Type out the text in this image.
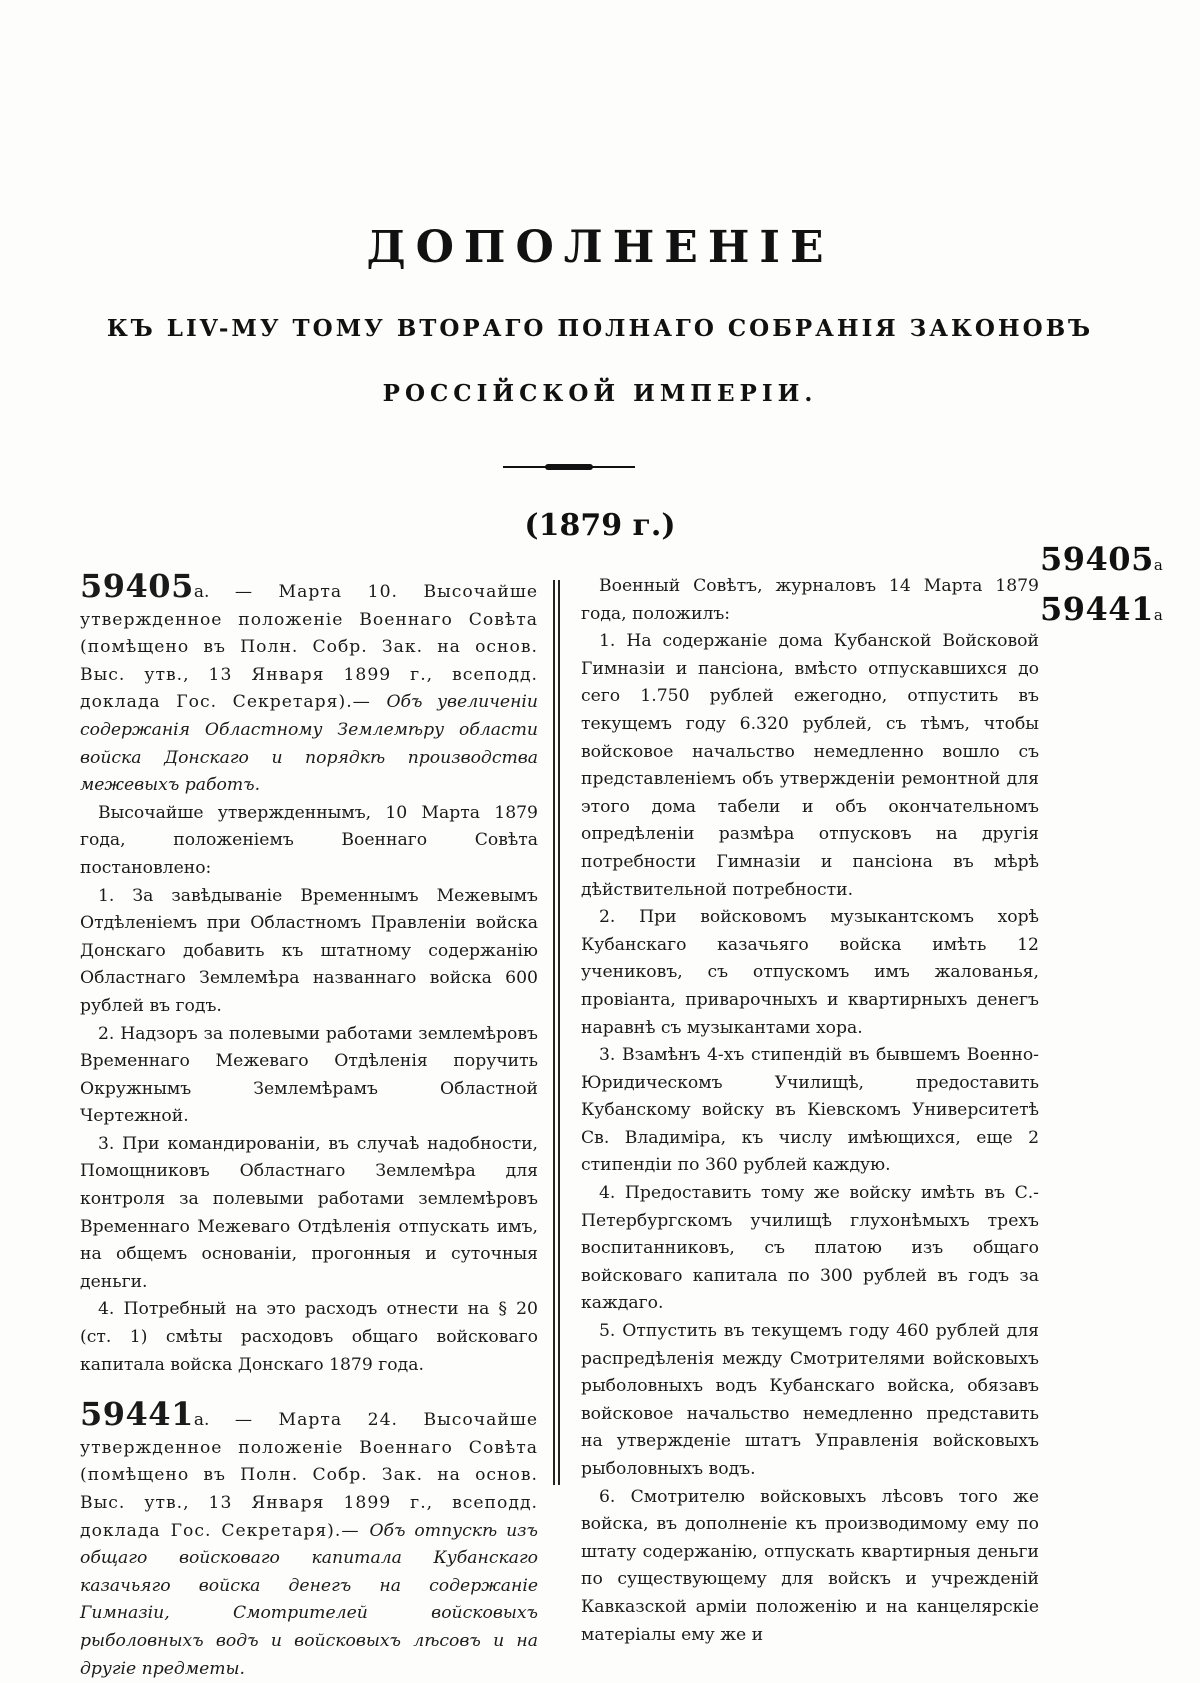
ДОПОЛНЕНІЕ
КЪ LIV-МУ ТОМУ ВТОРАГО ПОЛНАГО СОБРАНІЯ ЗАКОНОВЪ
РОССІЙСКОЙ ИМПЕРІИ.
(1879 г.)
59405а
59441а

59405а. — Марта 10. Высочайше утвержденное положеніе Военнаго Совѣта (помѣщено въ Полн. Собр. Зак. на основ. Выс. утв., 13 Января 1899 г., всеподд. доклада Гос. Секретаря).— Объ увеличеніи содержанія Областному Землемѣру области войска Донскаго и порядкѣ производства межевыхъ работъ.

Высочайше утвержденнымъ, 10 Марта 1879 года, положеніемъ Военнаго Совѣта постановлено:

1. За завѣдываніе Временнымъ Межевымъ Отдѣленіемъ при Областномъ Правленіи войска Донскаго добавить къ штатному содержанію Областнаго Землемѣра названнаго войска 600 рублей въ годъ.

2. Надзоръ за полевыми работами землемѣровъ Временнаго Межеваго Отдѣленія поручить Окружнымъ Землемѣрамъ Областной Чертежной.

3. При командированіи, въ случаѣ надобности, Помощниковъ Областнаго Землемѣра для контроля за полевыми работами землемѣровъ Временнаго Межеваго Отдѣленія отпускать имъ, на общемъ основаніи, прогонныя и суточныя деньги.

4. Потребный на это расходъ отнести на § 20 (ст. 1) смѣты расходовъ общаго войсковаго капитала войска Донскаго 1879 года.

59441а. — Марта 24. Высочайше утвержденное положеніе Военнаго Совѣта (помѣщено въ Полн. Собр. Зак. на основ. Выс. утв., 13 Января 1899 г., всеподд. доклада Гос. Секретаря).— Объ отпускѣ изъ общаго войсковаго капитала Кубанскаго казачьяго войска денегъ на содержаніе Гимназіи, Смотрителей войсковыхъ рыболовныхъ водъ и войсковыхъ лѣсовъ и на другіе предметы.

Военный Совѣтъ, журналовъ 14 Марта 1879 года, положилъ:

1. На содержаніе дома Кубанской Войсковой Гимназіи и пансіона, вмѣсто отпускавшихся до сего 1.750 рублей ежегодно, отпустить въ текущемъ году 6.320 рублей, съ тѣмъ, чтобы войсковое начальство немедленно вошло съ представленіемъ объ утвержденіи ремонтной для этого дома табели и объ окончательномъ опредѣленіи размѣра отпусковъ на другія потребности Гимназіи и пансіона въ мѣрѣ дѣйствительной потребности.

2. При войсковомъ музыкантскомъ хорѣ Кубанскаго казачьяго войска имѣть 12 учениковъ, съ отпускомъ имъ жалованья, провіанта, приварочныхъ и квартирныхъ денегъ наравнѣ съ музыкантами хора.

3. Взамѣнъ 4-хъ стипендій въ бывшемъ Военно-Юридическомъ Училищѣ, предоставить Кубанскому войску въ Кіевскомъ Университетѣ Св. Владиміра, къ числу имѣющихся, еще 2 стипендіи по 360 рублей каждую.

4. Предоставить тому же войску имѣть въ С.-Петербургскомъ училищѣ глухонѣмыхъ трехъ воспитанниковъ, съ платою изъ общаго войсковаго капитала по 300 рублей въ годъ за каждаго.

5. Отпустить въ текущемъ году 460 рублей для распредѣленія между Смотрителями войсковыхъ рыболовныхъ водъ Кубанскаго войска, обязавъ войсковое начальство немедленно представить на утвержденіе штатъ Управленія войсковыхъ рыболовныхъ водъ.

6. Смотрителю войсковыхъ лѣсовъ того же войска, въ дополненіе къ производимому ему по штату содержанію, отпускать квартирныя деньги по существующему для войскъ и учрежденій Кавказской арміи положенію и на канцелярскіе матеріалы ему же и
